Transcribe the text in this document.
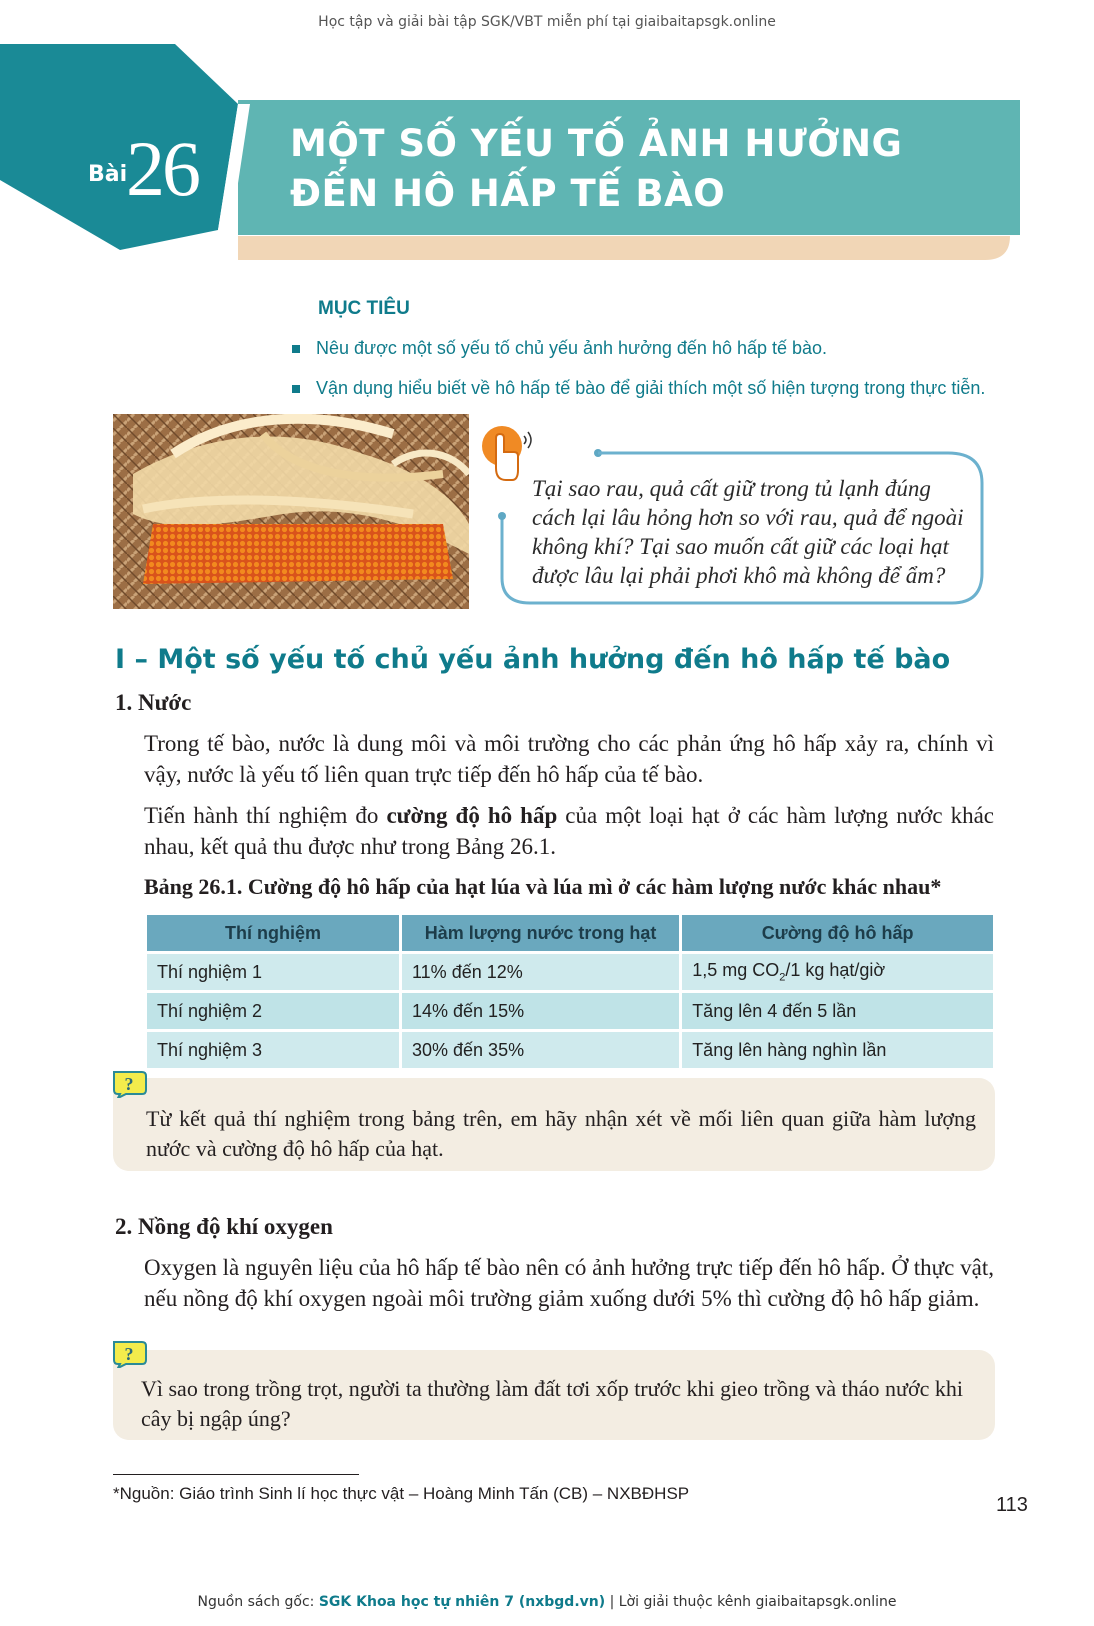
Học tập và giải bài tập SGK/VBT miễn phí tại giaibaitapsgk.online
Bài
26 MỘT SỐ YẾU TỐ ẢNH HƯỞNG
ĐẾN HÔ HẤP TẾ BÀO
MỤC TIÊU
Nêu được một số yếu tố chủ yếu ảnh hưởng đến hô hấp tế bào.
Vận dụng hiểu biết về hô hấp tế bào để giải thích một số hiện tượng trong thực tiễn.
Tại sao rau, quả cất giữ trong tủ lạnh đúng cách lại lâu hỏng hơn so với rau, quả để ngoài không khí? Tại sao muốn cất giữ các loại hạt được lâu lại phải phơi khô mà không để ẩm?
I – Một số yếu tố chủ yếu ảnh hưởng đến hô hấp tế bào
1. Nước
Trong tế bào, nước là dung môi và môi trường cho các phản ứng hô hấp xảy ra, chính vì vậy, nước là yếu tố liên quan trực tiếp đến hô hấp của tế bào.
Tiến hành thí nghiệm đo cường độ hô hấp của một loại hạt ở các hàm lượng nước khác nhau, kết quả thu được như trong Bảng 26.1.
Bảng 26.1. Cường độ hô hấp của hạt lúa và lúa mì ở các hàm lượng nước khác nhau*
Thí nghiệm	Hàm lượng nước trong hạt	Cường độ hô hấp
Thí nghiệm 1	11% đến 12%	1,5 mg $CO_2/1$ kg hạt/giờ
Thí nghiệm 2	14% đến 15%	Tăng lên 4 đến 5 lần
Thí nghiệm 3	30% đến 35%	Tăng lên hàng nghìn lần
?
Từ kết quả thí nghiệm trong bảng trên, em hãy nhận xét về mối liên quan giữa hàm lượng nước và cường độ hô hấp của hạt.
2. Nồng độ khí oxygen
Oxygen là nguyên liệu của hô hấp tế bào nên có ảnh hưởng trực tiếp đến hô hấp. Ở thực vật, nếu nồng độ khí oxygen ngoài môi trường giảm xuống dưới 5% thì cường độ hô hấp giảm.
?
Vì sao trong trồng trọt, người ta thường làm đất tơi xốp trước khi gieo trồng và tháo nước khi cây bị ngập úng?
*Nguồn: Giáo trình Sinh lí học thực vật – Hoàng Minh Tấn (CB) – NXBĐHSP
113
Nguồn sách gốc: SGK Khoa học tự nhiên 7 (nxbgd.vn) | Lời giải thuộc kênh giaibaitapsgk.online
